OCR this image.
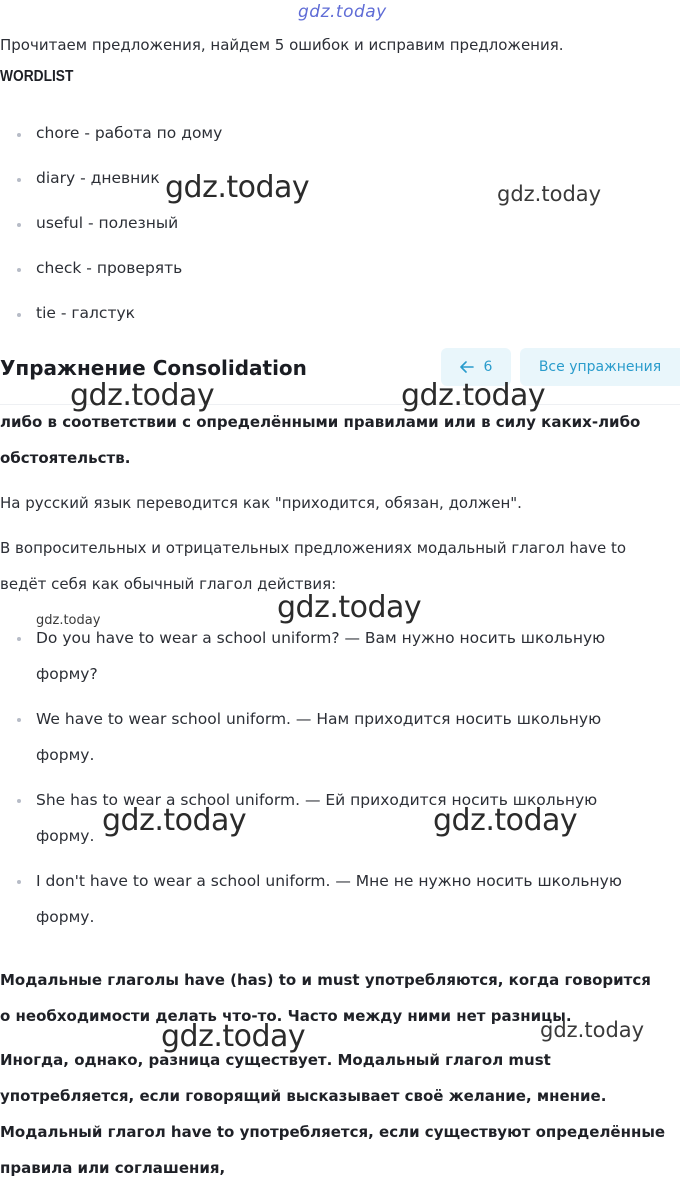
gdz.today
Прочитаем предложения, найдем 5 ошибок и исправим предложения.
WORDLIST
chore - работа по дому
diary - дневник
useful - полезный
check - проверять
tie - галстук
Упражнение Consolidation	6	Все упражнения

либо в соответствии с определёнными правилами или в силу каких-либо обстоятельств.

На русский язык переводится как "приходится, обязан, должен".

В вопросительных и отрицательных предложениях модальный глагол have to ведёт себя как обычный глагол действия:

Do you have to wear a school uniform? — Вам нужно носить школьную форму?
We have to wear school uniform. — Нам приходится носить школьную форму.
She has to wear a school uniform. — Ей приходится носить школьную форму.
I don't have to wear a school uniform. — Мне не нужно носить школьную форму.

Модальные глаголы have (has) to и must употребляются, когда говорится о необходимости делать что-то. Часто между ними нет разницы.

Иногда, однако, разница существует. Модальный глагол must употребляется, если говорящий высказывает своё желание, мнение. Модальный глагол have to употребляется, если существуют определённые правила или соглашения,

gdz.today	gdz.today
gdz.today	gdz.today
gdz.today	gdz.today
gdz.today	gdz.today
gdz.today	gdz.today
